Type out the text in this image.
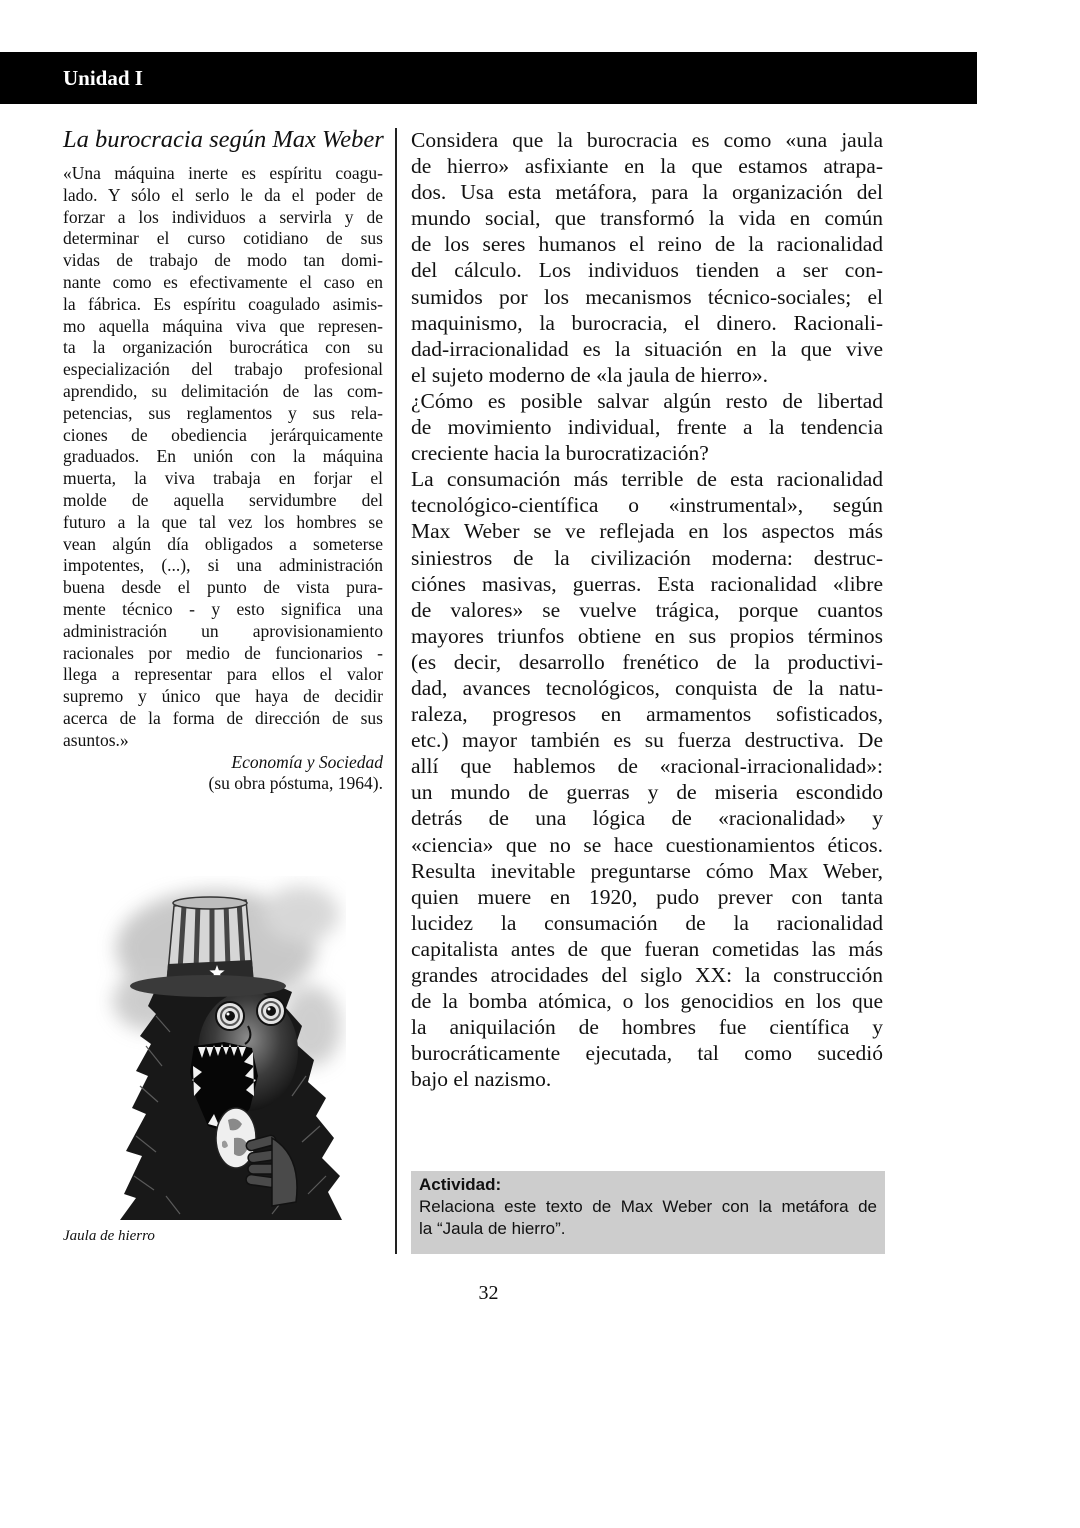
Unidad I
La burocracia según Max Weber
«Una máquina inerte es espíritu coagu-
lado. Y sólo el serlo le da el poder de
forzar a los individuos a servirla y de
determinar el curso cotidiano de sus
vidas de trabajo de modo tan domi-
nante como es efectivamente el caso en
la fábrica. Es espíritu coagulado asimis-
mo aquella máquina viva que represen-
ta la organización burocrática con su
especialización del trabajo profesional
aprendido, su delimitación de las com-
petencias, sus reglamentos y sus rela-
ciones de obediencia jerárquicamente
graduados. En unión con la máquina
muerta, la viva trabaja en forjar el
molde de aquella servidumbre del
futuro a la que tal vez los hombres se
vean algún día obligados a someterse
impotentes, (...), si una administración
buena desde el punto de vista pura-
mente técnico - y esto significa una
administración un aprovisionamiento
racionales por medio de funcionarios -
llega a representar para ellos el valor
supremo y único que haya de decidir
acerca de la forma de dirección de sus
asuntos.»
Economía y Sociedad
(su obra póstuma, 1964).
Jaula de hierro
Considera que la burocracia es como «una jaula
de hierro» asfixiante en la que estamos atrapa-
dos. Usa esta metáfora, para la organización del
mundo social, que transformó la vida en común
de los seres humanos el reino de la racionalidad
del cálculo. Los individuos tienden a ser con-
sumidos por los mecanismos técnico-sociales; el
maquinismo, la burocracia, el dinero. Racionali-
dad-irracionalidad es la situación en la que vive
el sujeto moderno de «la jaula de hierro».
¿Cómo es posible salvar algún resto de libertad
de movimiento individual, frente a la tendencia
creciente hacia la burocratización?
La consumación más terrible de esta racionalidad
tecnológico-científica o «instrumental», según
Max Weber se ve reflejada en los aspectos más
siniestros de la civilización moderna: destruc-
ciónes masivas, guerras. Esta racionalidad «libre
de valores» se vuelve trágica, porque cuantos
mayores triunfos obtiene en sus propios términos
(es decir, desarrollo frenético de la productivi-
dad, avances tecnológicos, conquista de la natu-
raleza, progresos en armamentos sofisticados,
etc.) mayor también es su fuerza destructiva. De
allí que hablemos de «racional-irracionalidad»:
un mundo de guerras y de miseria escondido
detrás de una lógica de «racionalidad» y
«ciencia» que no se hace cuestionamientos éticos.
Resulta inevitable preguntarse cómo Max Weber,
quien muere en 1920, pudo prever con tanta
lucidez la consumación de la racionalidad
capitalista antes de que fueran cometidas las más
grandes atrocidades del siglo XX: la construcción
de la bomba atómica, o los genocidios en los que
la aniquilación de hombres fue científica y
burocráticamente ejecutada, tal como sucedió
bajo el nazismo.
Actividad:
Relaciona este texto de Max Weber con la metáfora de
la “Jaula de hierro”.
32
